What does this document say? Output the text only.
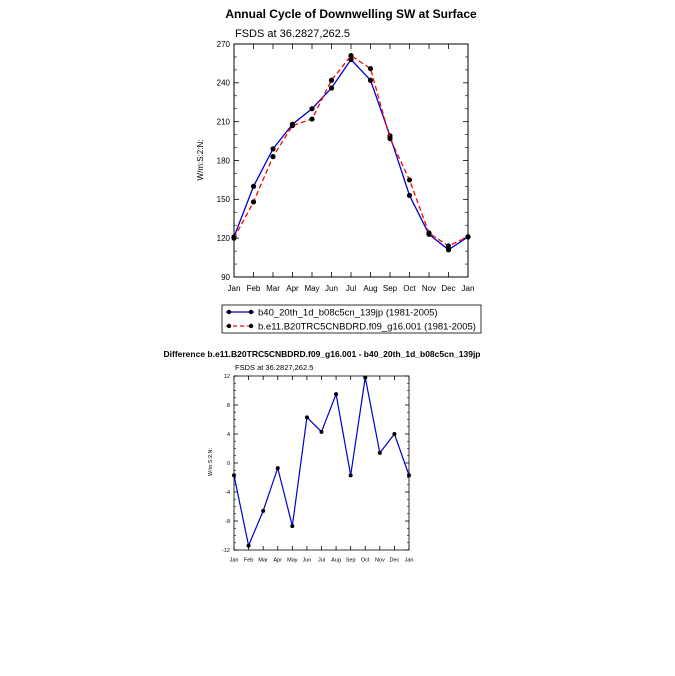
Annual Cycle of Downwelling SW at Surface
FSDS at 36.2827,262.5
W/m:S:2:N:
90
120
150
180
210
240
270
Jan Feb Mar Apr May Jun Jul Aug Sep Oct Nov Dec Jan
b40_20th_1d_b08c5cn_139jp (1981-2005)
b.e11.B20TRC5CNBDRD.f09_g16.001 (1981-2005)
Difference b.e11.B20TRC5CNBDRD.f09_g16.001 - b40_20th_1d_b08c5cn_139jp
FSDS at 36.2827,262.5
W/m:S:2:N:
-12
-8
-4
0
4
8
12
Jan Feb Mar Apr May Jun Jul Aug Sep Oct Nov Dec Jan
